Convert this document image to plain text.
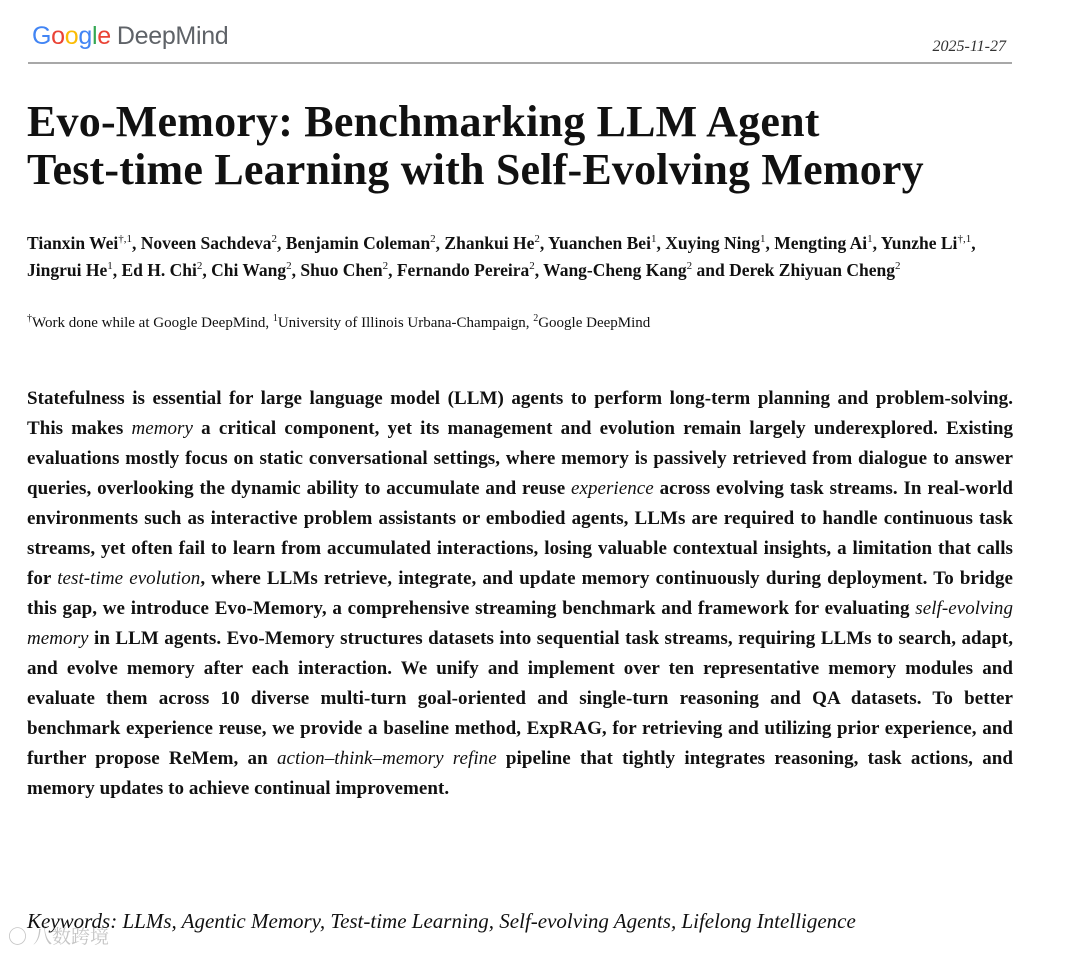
Google DeepMind	2025-11-27
Evo-Memory: Benchmarking LLM Agent
Test-time Learning with Self-Evolving Memory

Tianxin Wei$^{\dagger,1}$, Noveen Sachdeva$^2$, Benjamin Coleman$^2$, Zhankui He$^2$, Yuanchen Bei$^1$, Xuying Ning$^1$, Mengting Ai$^1$, Yunzhe $Li^{\dagger,1}$, Jingrui He$^1$, Ed H. Chi$^2$, Chi Wang$^2$, Shuo Chen$^2$, Fernando Pereira$^2$, Wang-Cheng Kang$^2$ and Derek Zhiyuan Cheng$^2$

†Work done while at Google DeepMind, $^1$University of Illinois Urbana-Champaign, $^2$Google DeepMind

Statefulness is essential for large language model (LLM) agents to perform long-term planning and problem-solving. This makes memory a critical component, yet its management and evolution remain largely underexplored. Existing evaluations mostly focus on static conversational settings, where memory is passively retrieved from dialogue to answer queries, overlooking the dynamic ability to accumulate and reuse experience across evolving task streams. In real-world environments such as interactive problem assistants or embodied agents, LLMs are required to handle continuous task streams, yet often fail to learn from accumulated interactions, losing valuable contextual insights, a limitation that calls for test-time evolution, where LLMs retrieve, integrate, and update memory continuously during deployment. To bridge this gap, we introduce Evo-Memory, a comprehensive streaming benchmark and framework for evaluating self-evolving memory in LLM agents. Evo-Memory structures datasets into sequential task streams, requiring LLMs to search, adapt, and evolve memory after each interaction. We unify and implement over ten representative memory modules and evaluate them across 10 diverse multi-turn goal-oriented and single-turn reasoning and QA datasets. To better benchmark experience reuse, we provide a baseline method, ExpRAG, for retrieving and utilizing prior experience, and further propose ReMem, an action–think–memory refine pipeline that tightly integrates reasoning, task actions, and memory updates to achieve continual improvement.

Keywords: LLMs, Agentic Memory, Test-time Learning, Self-evolving Agents, Lifelong Intelligence

〇 八数跨境
